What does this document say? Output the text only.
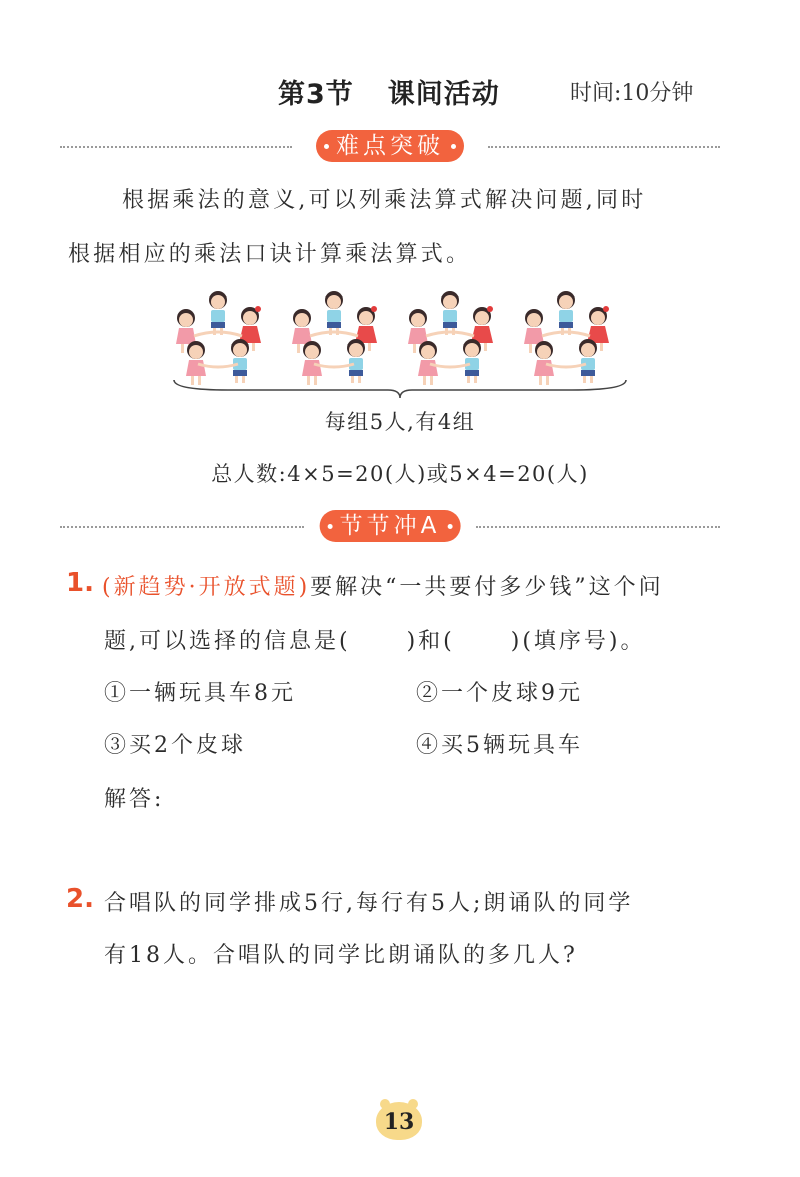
第3节 课间活动	时间:10分钟
难点突破
根据乘法的意义,可以列乘法算式解决问题,同时
根据相应的乘法口诀计算乘法算式。
每组5人,有4组
总人数:4×5=20(人)或5×4=20(人)
节节冲A
1. (新趋势·开放式题)要解决“一共要付多少钱”这个问
题,可以选择的信息是(	)和(	)(填序号)。
①一辆玩具车8元	②一个皮球9元
③买2个皮球	④买5辆玩具车
解答:
2. 合唱队的同学排成5行,每行有5人;朗诵队的同学
有18人。合唱队的同学比朗诵队的多几人?
13
